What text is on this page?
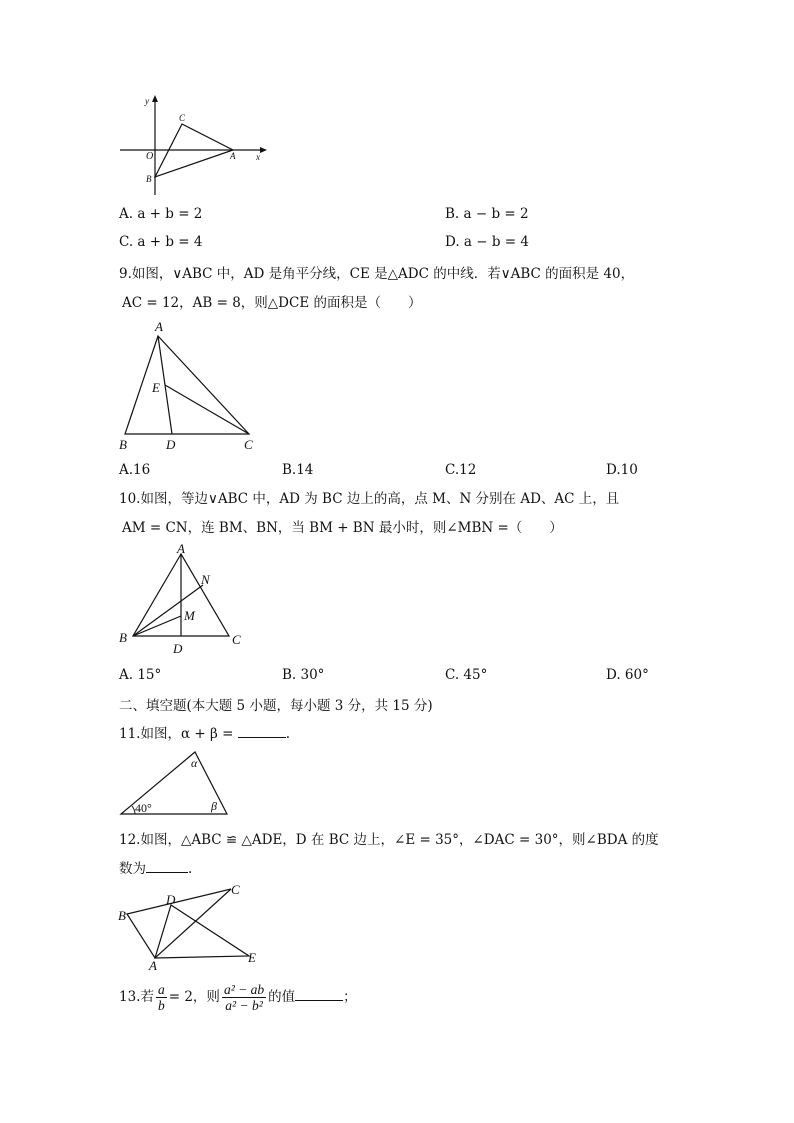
y
x
O	A
B
C
A. a + b = 2	B. a − b = 2
C. a + b = 4	D. a − b = 4
9.如图，∨ABC 中，AD 是角平分线，CE 是△ADC 的中线．若∨ABC 的面积是 40，
AC = 12，AB = 8，则△DCE 的面积是（　　）
A
B	C
D
E
A.16	B.14	C.12	D.10
10.如图，等边∨ABC 中，AD 为 BC 边上的高，点 M、N 分别在 AD、AC 上，且
AM = CN，连 BM、BN，当 BM + BN 最小时，则∠MBN =（　　）
A
B	C
D
M
N
A. 15°	B. 30°	C. 45°	D. 60°
二、填空题(本大题 5 小题，每小题 3 分，共 15 分)
11.如图，α + β =	.
40°
α
β
12.如图，△ABC ≌ △ADE，D 在 BC 边上，∠E = 35°，∠DAC = 30°，则∠BDA 的度
数为	.
B
C
D
A
E
13.若 $\frac{a}{b} = 2$，则 $\frac{\text{a² − ab}}{\text{a² − b²}}$ 的值	；
